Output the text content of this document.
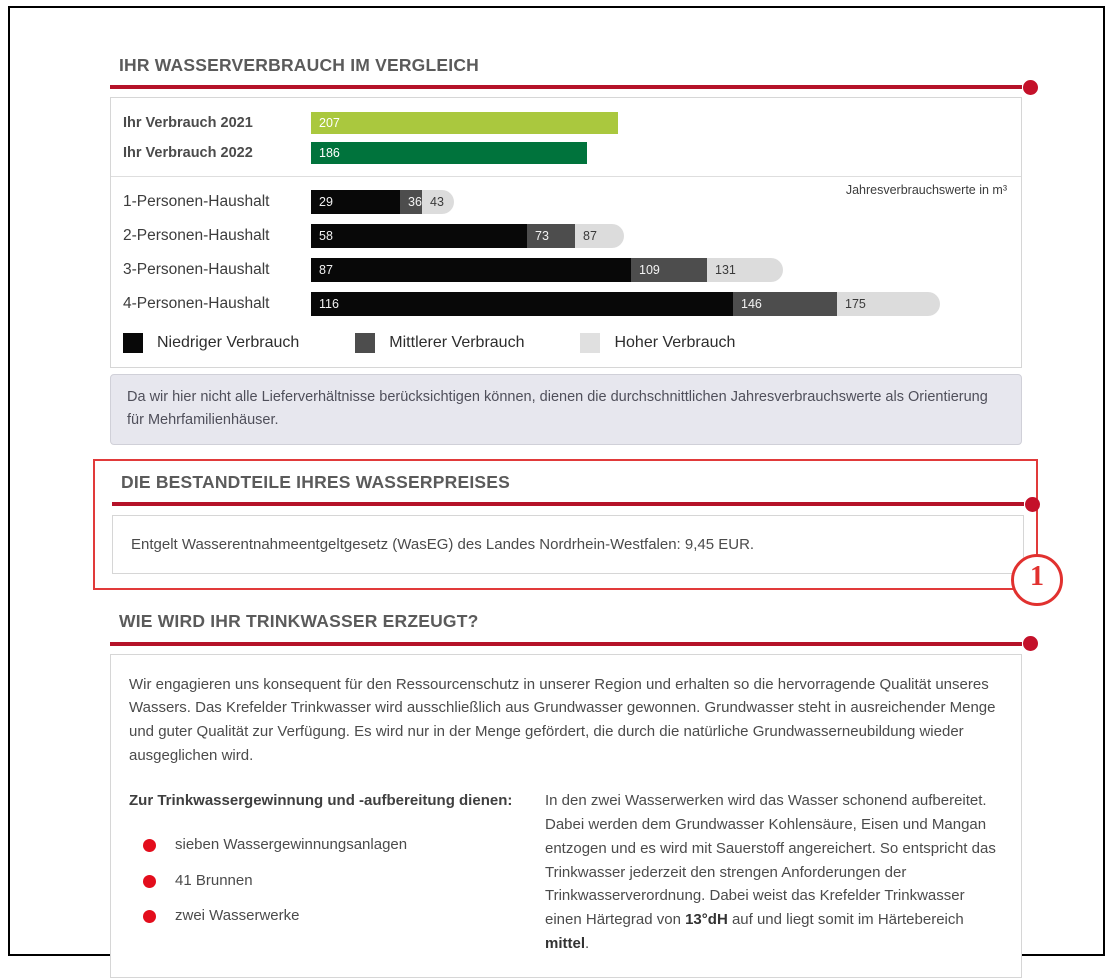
IHR WASSERVERBRAUCH IM VERGLEICH
Ihr Verbrauch 2021	207
Ihr Verbrauch 2022	186
Jahresverbrauchswerte in m³
1-Personen-Haushalt	29	36 43
2-Personen-Haushalt	58	73	87
3-Personen-Haushalt	87	109	131
4-Personen-Haushalt	116	146	175
Niedriger Verbrauch	Mittlerer Verbrauch	Hoher Verbrauch
Da wir hier nicht alle Lieferverhältnisse berücksichtigen können, dienen die durchschnittlichen Jahresverbrauchswerte als Orientierung für Mehrfamilienhäuser.
DIE BESTANDTEILE IHRES WASSERPREISES
Entgelt Wasserentnahmeentgeltgesetz (WasEG) des Landes Nordrhein-Westfalen: 9,45 EUR.
1
WIE WIRD IHR TRINKWASSER ERZEUGT?

Wir engagieren uns konsequent für den Ressourcenschutz in unserer Region und erhalten so die hervorragende Qualität unseres Wassers. Das Krefelder Trinkwasser wird ausschließlich aus Grundwasser gewonnen. Grundwasser steht in ausreichender Menge und guter Qualität zur Verfügung. Es wird nur in der Menge gefördert, die durch die natürliche Grundwasserneubildung wieder ausgeglichen wird.

Zur Trinkwassergewinnung und -aufbereitung dienen:

sieben Wassergewinnungsanlagen
41 Brunnen
zwei Wasserwerke

In den zwei Wasserwerken wird das Wasser schonend aufbereitet. Dabei werden dem Grundwasser Kohlensäure, Eisen und Mangan entzogen und es wird mit Sauerstoff angereichert. So entspricht das Trinkwasser jederzeit den strengen Anforderungen der Trinkwasserverordnung. Dabei weist das Krefelder Trinkwasser einen Härtegrad von 13°dH auf und liegt somit im Härtebereich mittel.
